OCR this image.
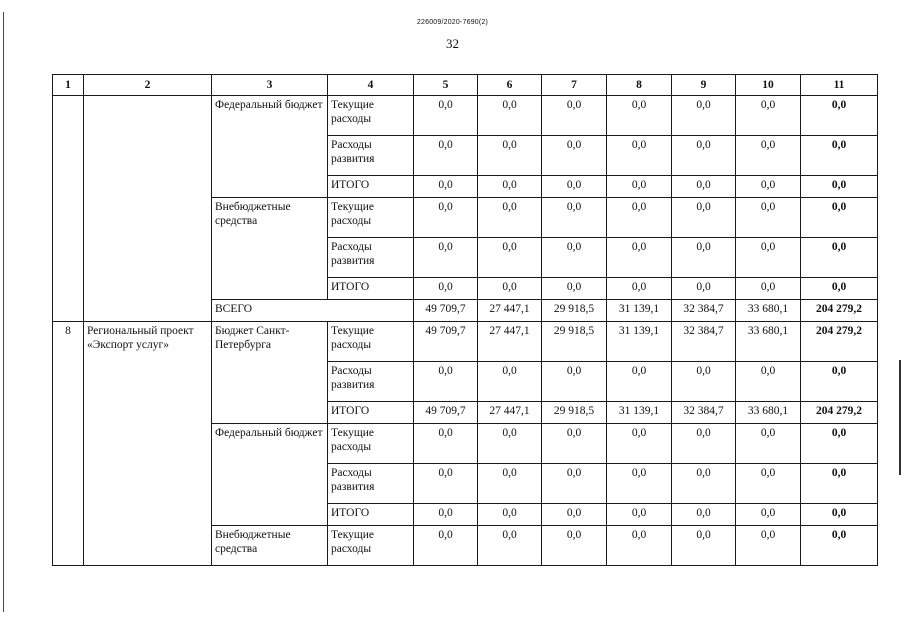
226009/2020-7690(2)
32
1	2	3	4	5	6	7	8	9	10	11
		Федеральный бюджет	Текущие расходы	0,0	0,0	0,0	0,0	0,0	0,0	0,0
			Расходы развития	0,0	0,0	0,0	0,0	0,0	0,0	0,0
			ИТОГО	0,0	0,0	0,0	0,0	0,0	0,0	0,0
		Внебюджетные средства	Текущие расходы	0,0	0,0	0,0	0,0	0,0	0,0	0,0
			Расходы развития	0,0	0,0	0,0	0,0	0,0	0,0	0,0
			ИТОГО	0,0	0,0	0,0	0,0	0,0	0,0	0,0
		ВСЕГО		49 709,7	27 447,1	29 918,5	31 139,1	32 384,7	33 680,1	204 279,2
8	Региональный проект «Экспорт услуг»	Бюджет Санкт-Петербурга	Текущие расходы	49 709,7	27 447,1	29 918,5	31 139,1	32 384,7	33 680,1	204 279,2
			Расходы развития	0,0	0,0	0,0	0,0	0,0	0,0	0,0
			ИТОГО	49 709,7	27 447,1	29 918,5	31 139,1	32 384,7	33 680,1	204 279,2
		Федеральный бюджет	Текущие расходы	0,0	0,0	0,0	0,0	0,0	0,0	0,0
			Расходы развития	0,0	0,0	0,0	0,0	0,0	0,0	0,0
			ИТОГО	0,0	0,0	0,0	0,0	0,0	0,0	0,0
		Внебюджетные средства	Текущие расходы	0,0	0,0	0,0	0,0	0,0	0,0	0,0
